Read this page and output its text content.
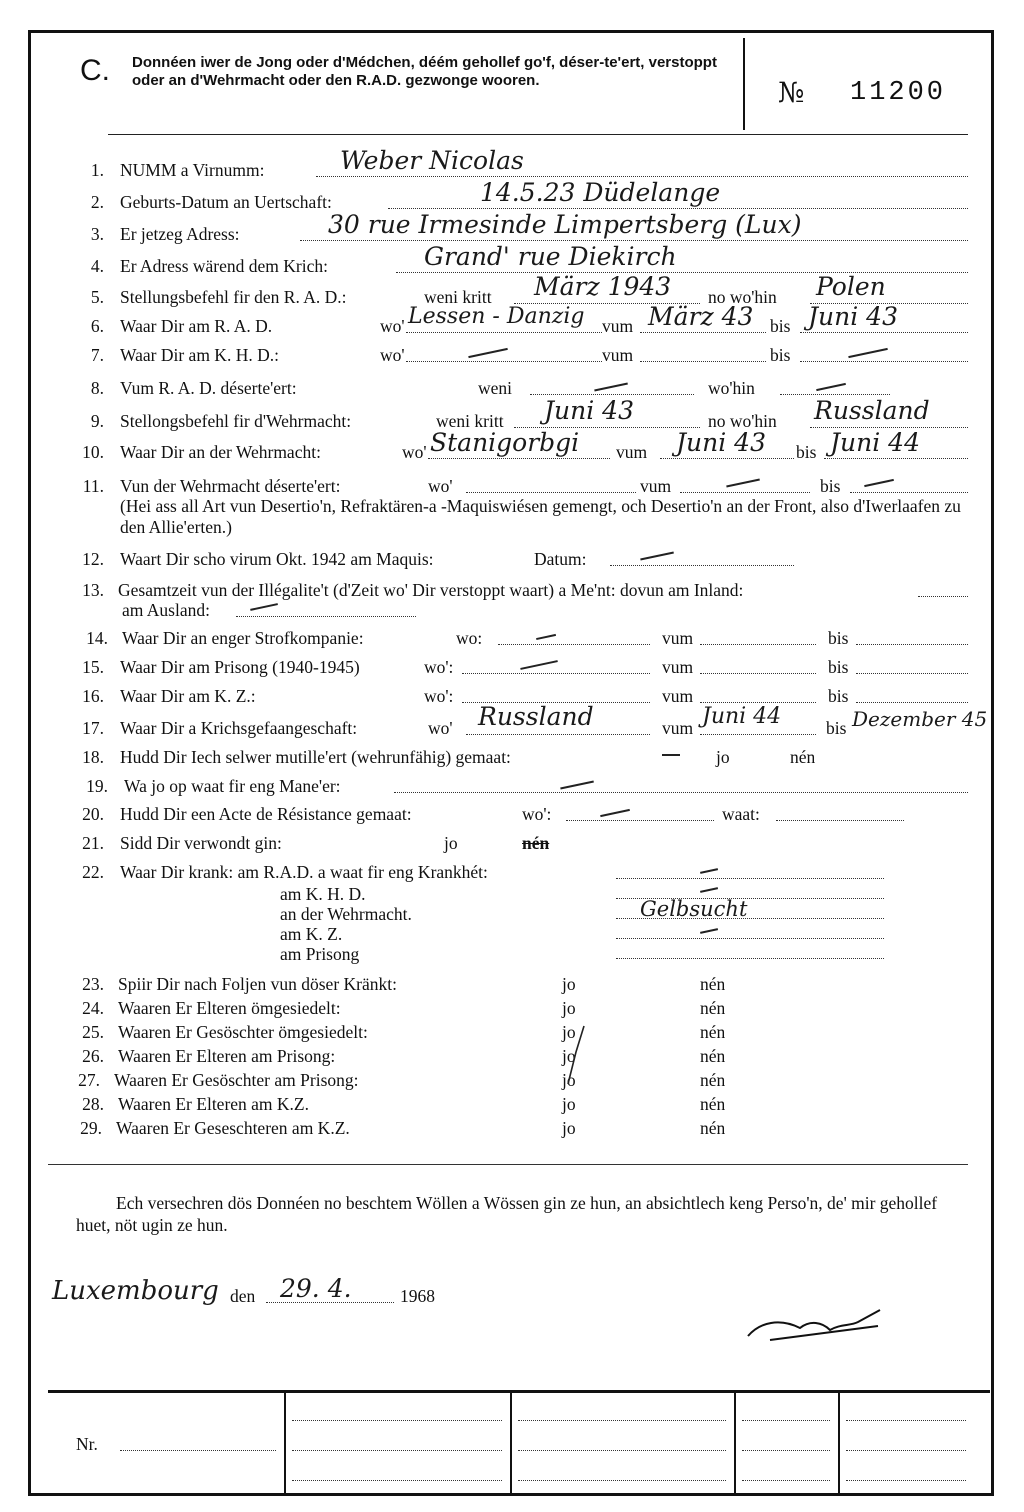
C. Donnéen iwer de Jong oder d'Médchen, déém gehollef go'f, déser-te'ert, verstoppt oder an d'Wehrmacht oder den R.A.D. gezwonge wooren.	№ 11200
1. NUMM a Virnumm:	Weber Nicolas
2. Geburts-Datum an Uertschaft:	14.5.23 Düdelange
3. Er jetzeg Adress:	30 rue Irmesinde Limpertsberg (Lux)
4. Er Adress wärend dem Krich:	Grand' rue Diekirch
5. Stellungsbefehl fir den R. A. D.:	weni kritt März 1943 no wo'hin Polen
6. Waar Dir am R. A. D.	wo' Lessen - Danzig vum März 43 bis Juni 43
7. Waar Dir am K. H. D.:	wo'	vum	bis
8. Vum R. A. D. déserte'ert:	weni	wo'hin
9. Stellongsbefehl fir d'Wehrmacht:	weni kritt Juni 43	no wo'hin Russland
10. Waar Dir an der Wehrmacht:	wo' Stanigorbgi vum Juni 43 bis Juni 44
11. Vun der Wehrmacht déserte'ert:	wo'	vum	bis
(Hei ass all Art vun Desertio'n, Refraktären-a -Maquiswiésen gemengt, och Desertio'n an der Front, also d'Iwerlaafen zu den Allie'erten.)
12. Waart Dir scho virum Okt. 1942 am Maquis:	Datum:
13. Gesamtzeit vun der Illégalite't (d'Zeit wo' Dir verstoppt waart) a Me'nt: dovun am Inland:
am Ausland:
14. Waar Dir an enger Strofkompanie:	wo:	vum	bis
15. Waar Dir am Prisong (1940-1945)	wo':	vum	bis
16. Waar Dir am K. Z.:	wo':	vum	bis
17. Waar Dir a Krichsgefaangeschaft:	wo' Russland	vum Juni 44	bis Dezember 45
18. Hudd Dir Iech selwer mutille'ert (wehrunfähig) gemaat:	jo	nén
19. Wa jo op waat fir eng Mane'er:
20. Hudd Dir een Acte de Résistance gemaat:	wo':	waat:
21. Sidd Dir verwondt gin:	jo	nén
22. Waar Dir krank: am R.A.D. a waat fir eng Krankhét:
am K. H. D.
an der Wehrmacht.	Gelbsucht
am K. Z.
am Prisong
23. Spiir Dir nach Foljen vun döser Kränkt:	jo	nén
24. Waaren Er Elteren ömgesiedelt:	jo	nén
25. Waaren Er Gesöschter ömgesiedelt:	jo	nén
26. Waaren Er Elteren am Prisong:	jo	nén
27. Waaren Er Gesöschter am Prisong:	jo	nén
28. Waaren Er Elteren am K.Z.	jo	nén
29. Waaren Er Geseschteren am K.Z.	jo	nén
Ech versechren dös Donnéen no beschtem Wöllen a Wössen gin ze hun, an absichtlech keng Perso'n, de' mir gehollef huet, nöt ugin ze hun.
Luxembourg den 29. 4.	1968
Nr.
